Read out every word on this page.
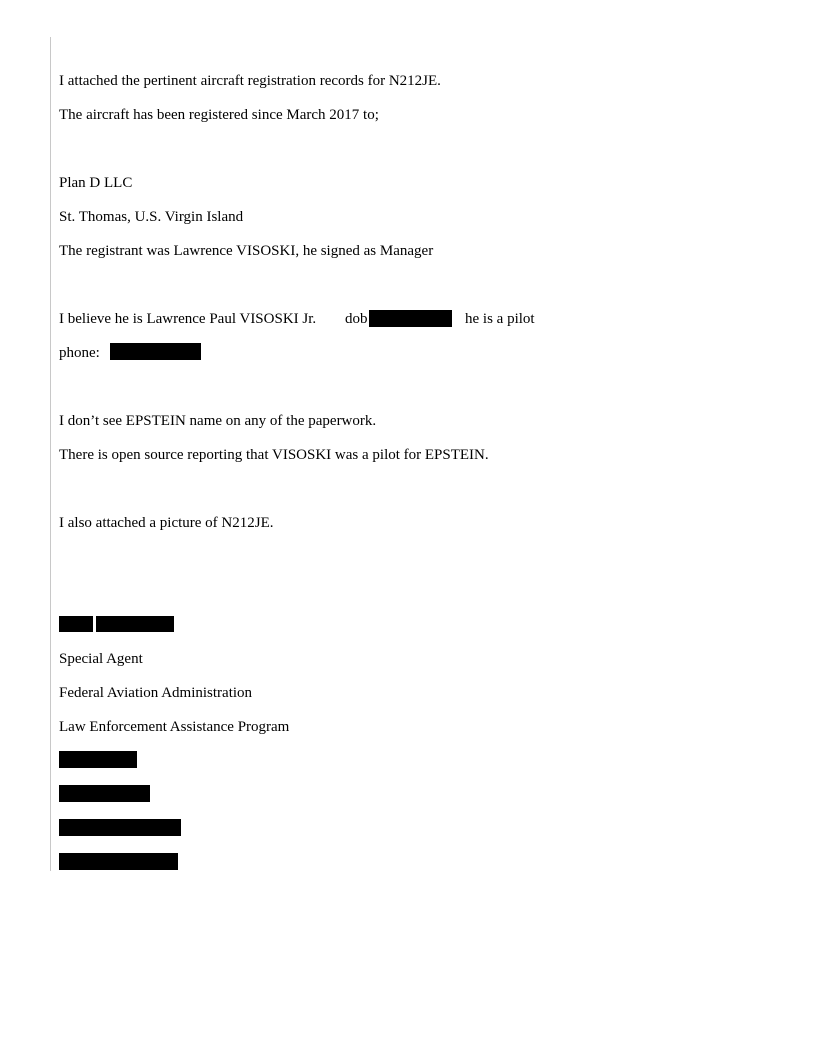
I attached the pertinent aircraft registration records for N212JE.
The aircraft has been registered since March 2017 to;
Plan D LLC
St. Thomas, U.S. Virgin Island
The registrant was Lawrence VISOSKI, he signed as Manager
I believe he is Lawrence Paul VISOSKI Jr. dob	he is a pilot
phone:
I don’t see EPSTEIN name on any of the paperwork.
There is open source reporting that VISOSKI was a pilot for EPSTEIN.
I also attached a picture of N212JE.
Special Agent
Federal Aviation Administration
Law Enforcement Assistance Program
